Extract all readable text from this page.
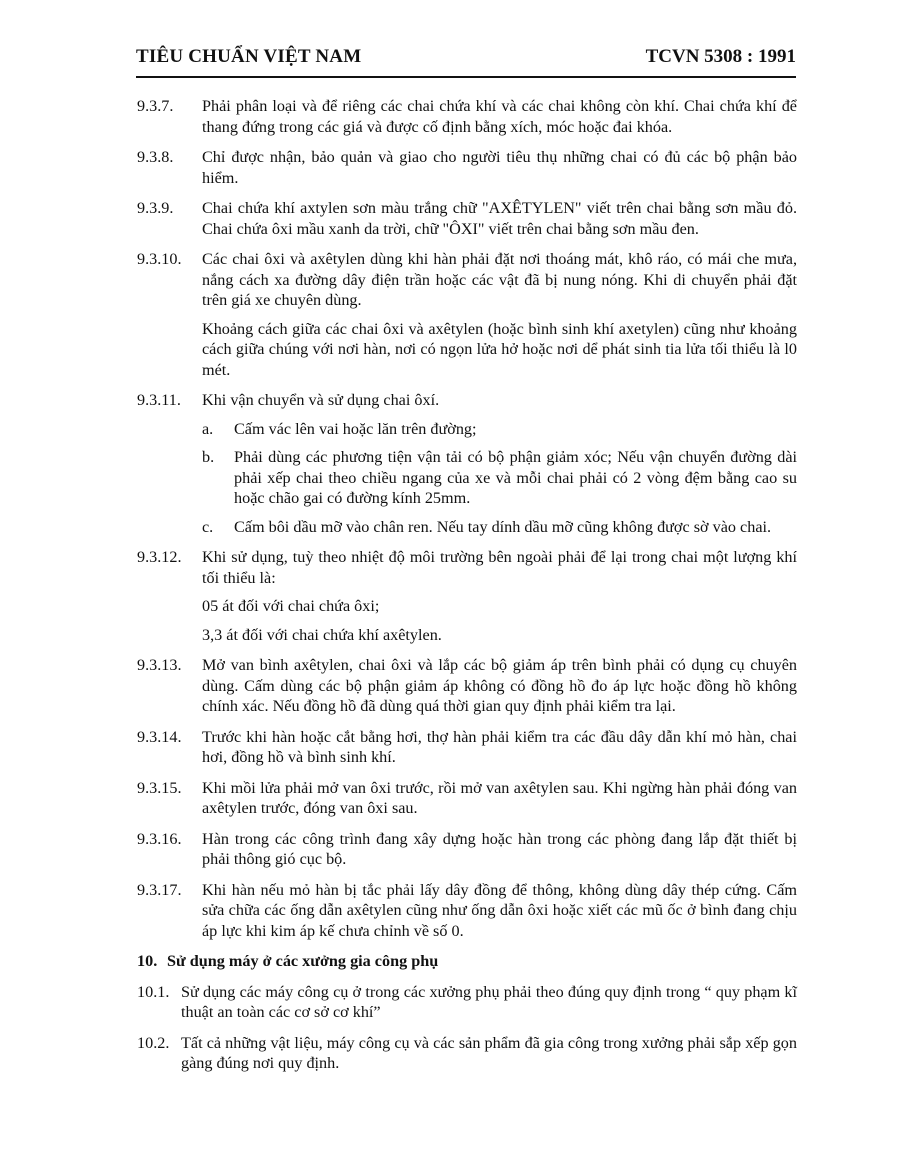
TIÊU CHUẨN VIỆT NAM	TCVN 5308 : 1991
9.3.7.	Phải phân loại và để riêng các chai chứa khí và các chai không còn khí. Chai chứa khí để thang đứng trong các giá và được cố định bằng xích, móc hoặc đai khóa.

9.3.8.	Chỉ được nhận, bảo quản và giao cho người tiêu thụ những chai có đủ các bộ phận bảo hiểm.

9.3.9.	Chai chứa khí axtylen sơn màu trắng chữ "AXÊTYLEN" viết trên chai bằng sơn mầu đỏ. Chai chứa ôxi mầu xanh da trời, chữ "ÔXI" viết trên chai bằng sơn mầu đen.

9.3.10.	Các chai ôxi và axêtylen dùng khi hàn phải đặt nơi thoáng mát, khô ráo, có mái che mưa, nắng cách xa đường dây điện trần hoặc các vật đã bị nung nóng. Khi di chuyển phải đặt trên giá xe chuyên dùng.

Khoảng cách giữa các chai ôxi và axêtylen (hoặc bình sinh khí axetylen) cũng như khoảng cách giữa chúng với nơi hàn, nơi có ngọn lửa hở hoặc nơi dể phát sinh tia lửa tối thiểu là l0 mét.

9.3.11.	Khi vận chuyển và sử dụng chai ôxí.

a.	Cấm vác lên vai hoặc lăn trên đường;
b.	Phải dùng các phương tiện vận tải có bộ phận giảm xóc; Nếu vận chuyển đường dài phải xếp chai theo chiều ngang của xe và mỗi chai phải có 2 vòng đệm bằng cao su hoặc chão gai có đường kính 25mm.
c.	Cấm bôi dầu mỡ vào chân ren. Nếu tay dính dầu mỡ cũng không được sờ vào chai.
9.3.12.	Khi sử dụng, tuỳ theo nhiệt độ môi trường bên ngoài phải để lại trong chai một lượng khí tối thiểu là:

05 át đối với chai chứa ôxi;

3,3 át đối với chai chứa khí axêtylen.

9.3.13.	Mở van bình axêtylen, chai ôxi và lắp các bộ giảm áp trên bình phải có dụng cụ chuyên dùng. Cấm dùng các bộ phận giảm áp không có đồng hồ đo áp lực hoặc đồng hồ không chính xác. Nếu đồng hồ đã dùng quá thời gian quy định phải kiểm tra lại.

9.3.14.	Trước khi hàn hoặc cắt bằng hơi, thợ hàn phải kiểm tra các đầu dây dẫn khí mỏ hàn, chai hơi, đồng hồ và bình sinh khí.

9.3.15.	Khi mồi lửa phải mở van ôxi trước, rồi mở van axêtylen sau. Khi ngừng hàn phải đóng van axêtylen trước, đóng van ôxi sau.

9.3.16.	Hàn trong các công trình đang xây dựng hoặc hàn trong các phòng đang lắp đặt thiết bị phải thông gió cục bộ.

9.3.17.	Khi hàn nếu mỏ hàn bị tắc phải lấy dây đồng để thông, không dùng dây thép cứng. Cấm sửa chữa các ống dẫn axêtylen cũng như ống dẫn ôxi hoặc xiết các mũ ốc ở bình đang chịu áp lực khi kim áp kế chưa chỉnh về số 0.

10. Sử dụng máy ở các xưởng gia công phụ
10.1. Sử dụng các máy công cụ ở trong các xưởng phụ phải theo đúng quy định trong “ quy phạm kĩ thuật an toàn các cơ sở cơ khí”

10.2. Tất cả những vật liệu, máy công cụ và các sản phẩm đã gia công trong xưởng phải sắp xếp gọn gàng đúng nơi quy định.
